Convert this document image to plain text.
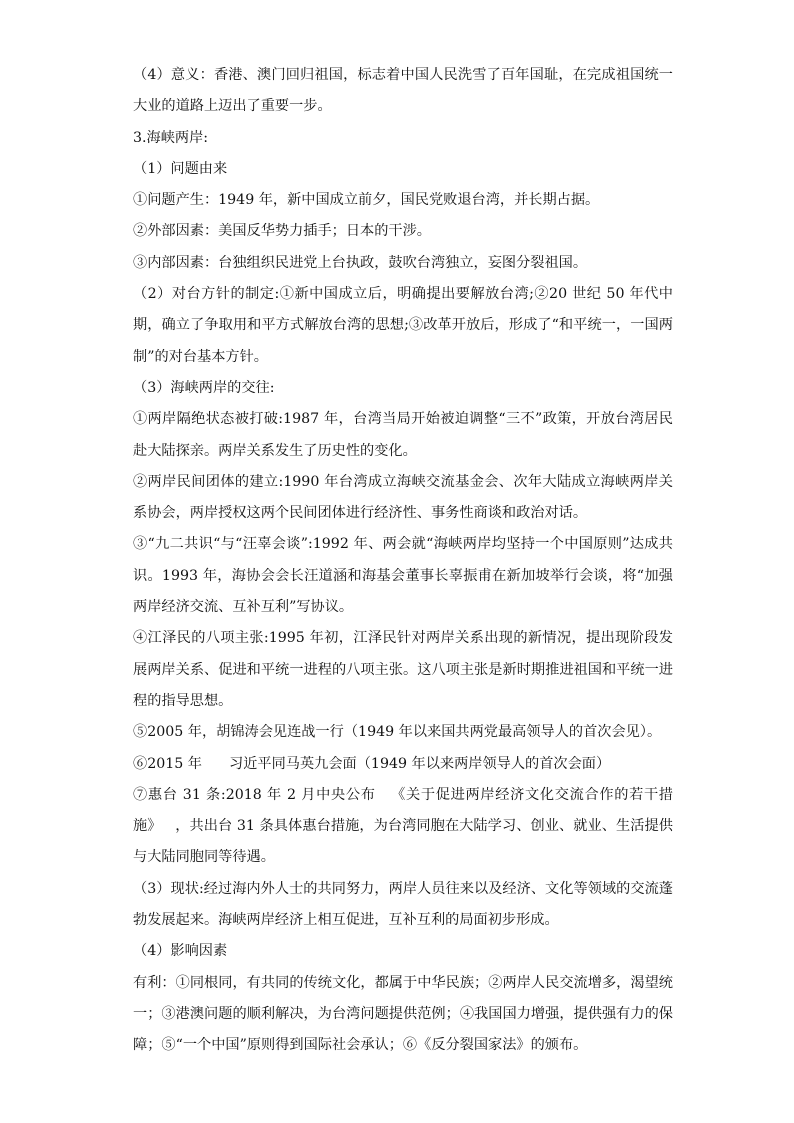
（4）意义：香港、澳门回归祖国，标志着中国人民洗雪了百年国耻，在完成祖国统一大业的道路上迈出了重要一步。

3.海峡两岸:

（1）问题由来

①问题产生：1949 年，新中国成立前夕，国民党败退台湾，并长期占据。

②外部因素：美国反华势力插手；日本的干涉。

③内部因素：台独组织民进党上台执政，鼓吹台湾独立，妄图分裂祖国。

（2）对台方针的制定:①新中国成立后，明确提出要解放台湾;②20 世纪 50 年代中期，确立了争取用和平方式解放台湾的思想;③改革开放后，形成了“和平统一，一国两制”的对台基本方针。

（3）海峡两岸的交往:

①两岸隔绝状态被打破:1987 年，台湾当局开始被迫调整“三不”政策，开放台湾居民赴大陆探亲。两岸关系发生了历史性的变化。

②两岸民间团体的建立:1990 年台湾成立海峡交流基金会、次年大陆成立海峡两岸关系协会，两岸授权这两个民间团体进行经济性、事务性商谈和政治对话。

③“九二共识“与“汪辜会谈”:1992 年、两会就“海峡两岸均坚持一个中国原则”达成共识。1993 年，海协会会长汪道涵和海基会董事长辜振甫在新加坡举行会谈，将“加强两岸经济交流、互补互利”写协议。

④江泽民的八项主张:1995 年初，江泽民针对两岸关系出现的新情况，提出现阶段发展两岸关系、促进和平统一进程的八项主张。这八项主张是新时期推进祖国和平统一进程的指导思想。

⑤2005 年，胡锦涛会见连战一行（1949 年以来国共两党最高领导人的首次会见）。

⑥2015 年      习近平同马英九会面（1949 年以来两岸领导人的首次会面）

⑦惠台 31 条:2018 年 2 月中央公布   《关于促进两岸经济文化交流合作的若干措施》   ，共出台 31 条具体惠台措施，为台湾同胞在大陆学习、创业、就业、生活提供与大陆同胞同等待遇。

（3）现状:经过海内外人士的共同努力，两岸人员往来以及经济、文化等领域的交流蓬勃发展起来。海峡两岸经济上相互促进，互补互利的局面初步形成。

（4）影响因素

有利：①同根同，有共同的传统文化，都属于中华民族；②两岸人民交流增多，渴望统一；③港澳问题的顺利解决，为台湾问题提供范例；④我国国力增强，提供强有力的保障；⑤“一个中国”原则得到国际社会承认；⑥《反分裂国家法》的颁布。
